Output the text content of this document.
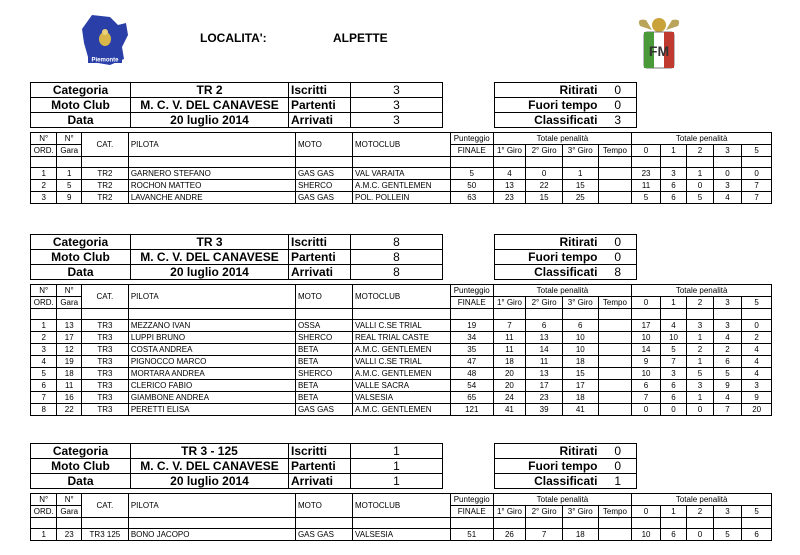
Piemonte
LOCALITA':	ALPETTE
FM
Categoria	TR 2	Iscritti	3
Moto Club	M. C. V. DEL CANAVESE	Partenti	3
Data	20 luglio 2014	Arrivati	3
Ritirati	0
Fuori tempo	0
Classificati	3
N°	N°	CAT.	PILOTA	MOTO	MOTOCLUB	Punteggio	Totale penalità				Totale penalità				
ORD.	Gara					FINALE	1° Giro	2° Giro	3° Giro	Tempo	0	1	2	3	5

1	1	TR2	GARNERO STEFANO	GAS GAS	VAL VARAITA	5	4	0	1		23	3	1	0	0
2	5	TR2	ROCHON MATTEO	SHERCO	A.M.C. GENTLEMEN	50	13	22	15		11	6	0	3	7
3	9	TR2	LAVANCHE ANDRE	GAS GAS	POL. POLLEIN	63	23	15	25		5	6	5	4	7
Categoria	TR 3	Iscritti	8
Moto Club	M. C. V. DEL CANAVESE	Partenti	8
Data	20 luglio 2014	Arrivati	8
Ritirati	0
Fuori tempo	0
Classificati	8
N°	N°	CAT.	PILOTA	MOTO	MOTOCLUB	Punteggio	Totale penalità				Totale penalità				
ORD.	Gara					FINALE	1° Giro	2° Giro	3° Giro	Tempo	0	1	2	3	5

1	13	TR3	MEZZANO IVAN	OSSA	VALLI C.SE TRIAL	19	7	6	6		17	4	3	3	0
2	17	TR3	LUPPI BRUNO	SHERCO	REAL TRIAL CASTE	34	11	13	10		10	10	1	4	2
3	12	TR3	COSTA ANDREA	BETA	A.M.C. GENTLEMEN	35	11	14	10		14	5	2	2	4
4	19	TR3	PIGNOCCO MARCO	BETA	VALLI C.SE TRIAL	47	18	11	18		9	7	1	6	4
5	18	TR3	MORTARA ANDREA	SHERCO	A.M.C. GENTLEMEN	48	20	13	15		10	3	5	5	4
6	11	TR3	CLERICO FABIO	BETA	VALLE SACRA	54	20	17	17		6	6	3	9	3
7	16	TR3	GIAMBONE ANDREA	BETA	VALSESIA	65	24	23	18		7	6	1	4	9
8	22	TR3	PERETTI ELISA	GAS GAS	A.M.C. GENTLEMEN	121	41	39	41		0	0	0	7	20
Categoria	TR 3 - 125	Iscritti	1
Moto Club	M. C. V. DEL CANAVESE	Partenti	1
Data	20 luglio 2014	Arrivati	1
Ritirati	0
Fuori tempo	0
Classificati	1
N°	N°	CAT.	PILOTA	MOTO	MOTOCLUB	Punteggio	Totale penalità				Totale penalità				
ORD.	Gara					FINALE	1° Giro	2° Giro	3° Giro	Tempo	0	1	2	3	5

1	23	TR3 125	BONO JACOPO	GAS GAS	VALSESIA	51	26	7	18		10	6	0	5	6
